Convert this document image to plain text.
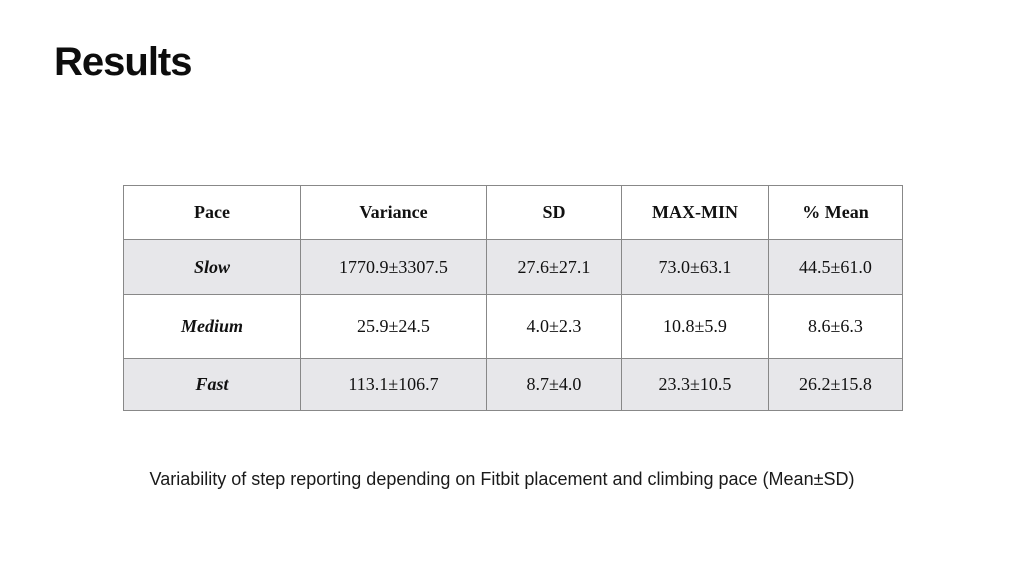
Results
Pace	Variance	SD	MAX-MIN	% Mean
Slow	1770.9±3307.5	27.6±27.1	73.0±63.1	44.5±61.0
Medium	25.9±24.5	4.0±2.3	10.8±5.9	8.6±6.3
Fast	113.1±106.7	8.7±4.0	23.3±10.5	26.2±15.8

Variability of step reporting depending on Fitbit placement and climbing pace (Mean±SD)
